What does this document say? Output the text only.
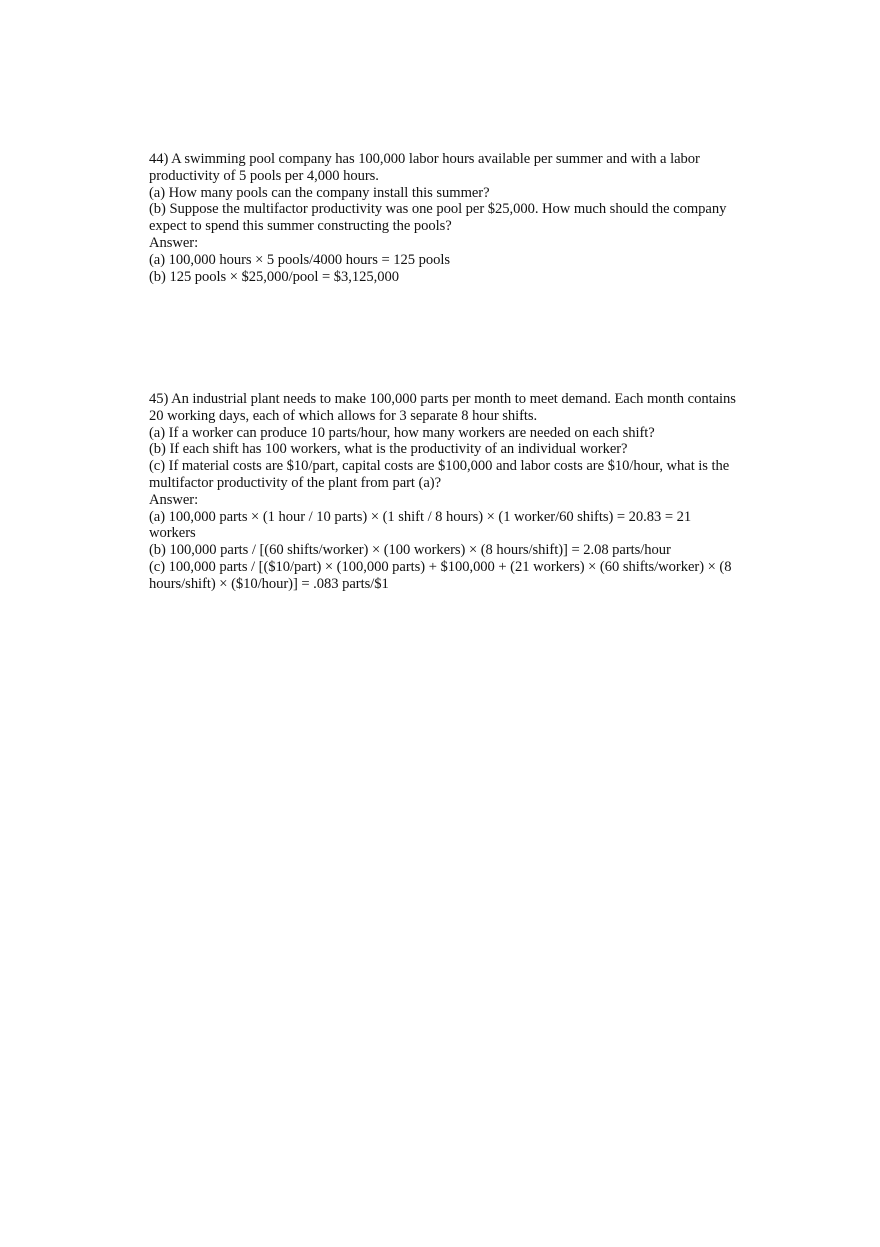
44) A swimming pool company has 100,000 labor hours available per summer and with a labor productivity of 5 pools per 4,000 hours.
(a) How many pools can the company install this summer?
(b) Suppose the multifactor productivity was one pool per $25,000. How much should the company expect to spend this summer constructing the pools?
Answer:
(a) 100,000 hours × 5 pools/4000 hours = 125 pools
(b) 125 pools × $25,000/pool = $3,125,000
45) An industrial plant needs to make 100,000 parts per month to meet demand. Each month contains 20 working days, each of which allows for 3 separate 8 hour shifts.
(a) If a worker can produce 10 parts/hour, how many workers are needed on each shift?
(b) If each shift has 100 workers, what is the productivity of an individual worker?
(c) If material costs are $10/part, capital costs are $100,000 and labor costs are $10/hour, what is the multifactor productivity of the plant from part (a)?
Answer:
(a) 100,000 parts × (1 hour / 10 parts) × (1 shift / 8 hours) × (1 worker/60 shifts) = 20.83 = 21 workers
(b) 100,000 parts / [(60 shifts/worker) × (100 workers) × (8 hours/shift)] = 2.08 parts/hour
(c) 100,000 parts / [($10/part) × (100,000 parts) + $100,000 + (21 workers) × (60 shifts/worker) × (8 hours/shift) × ($10/hour)] = .083 parts/$1
